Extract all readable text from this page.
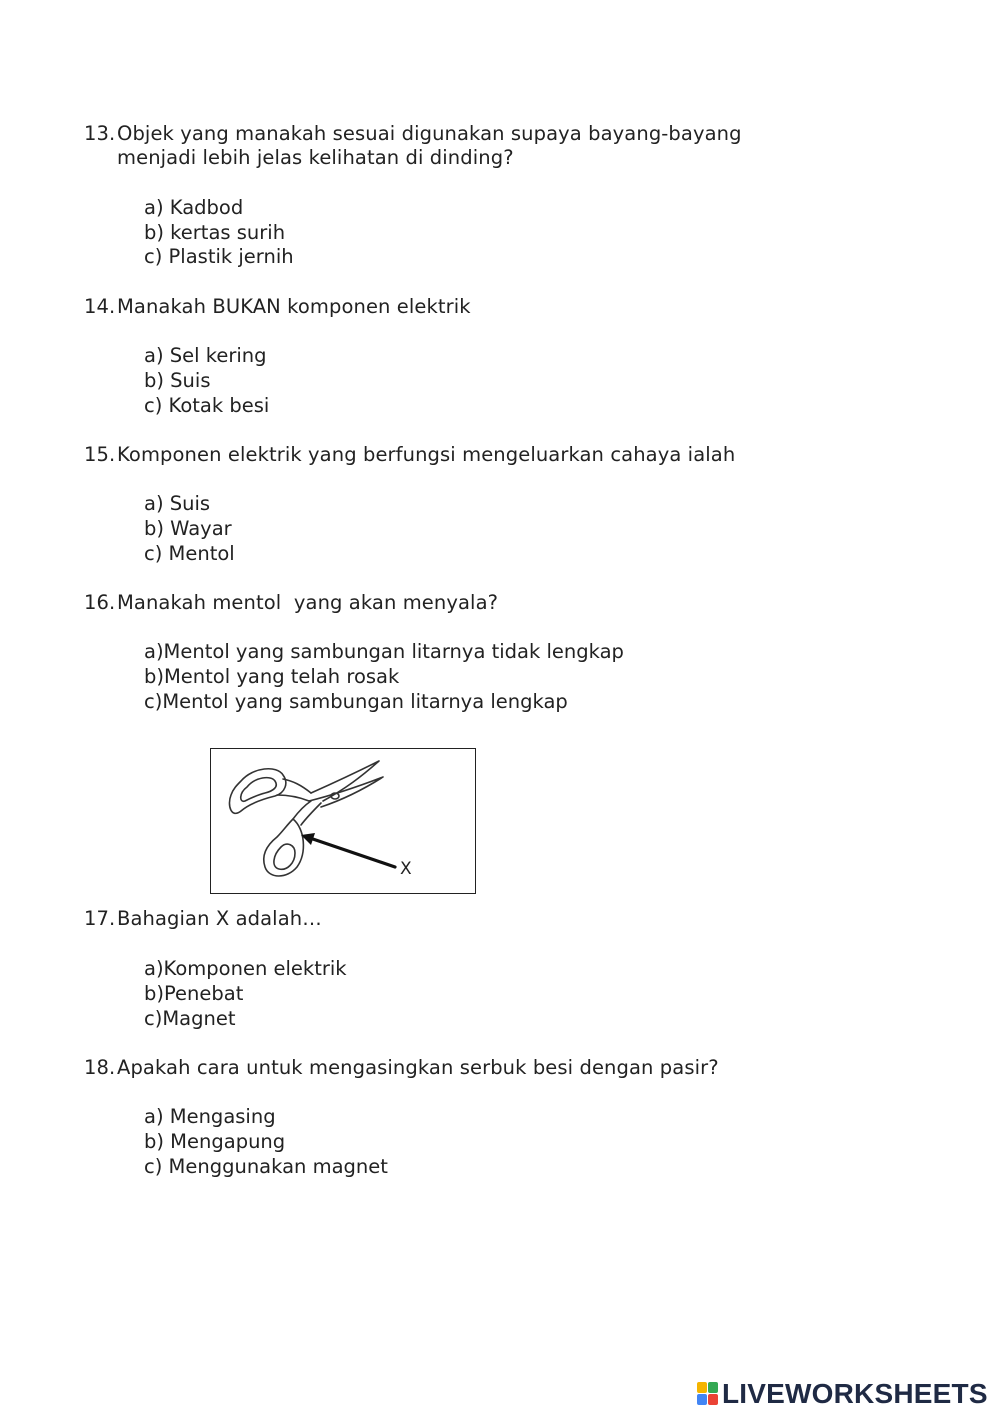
13.Objek yang manakah sesuai digunakan supaya bayang-bayang
menjadi lebih jelas kelihatan di dinding?
a) Kadbod
b) kertas surih
c) Plastik jernih
14.Manakah BUKAN komponen elektrik
a) Sel kering
b) Suis
c) Kotak besi
15.Komponen elektrik yang berfungsi mengeluarkan cahaya ialah
a) Suis
b) Wayar
c) Mentol
16.Manakah mentol  yang akan menyala?
a)Mentol yang sambungan litarnya tidak lengkap
b)Mentol yang telah rosak
c)Mentol yang sambungan litarnya lengkap
X
17.Bahagian X adalah…
a)Komponen elektrik
b)Penebat
c)Magnet
18.Apakah cara untuk mengasingkan serbuk besi dengan pasir?
a) Mengasing
b) Mengapung
c) Menggunakan magnet
LIVEWORKSHEETS
